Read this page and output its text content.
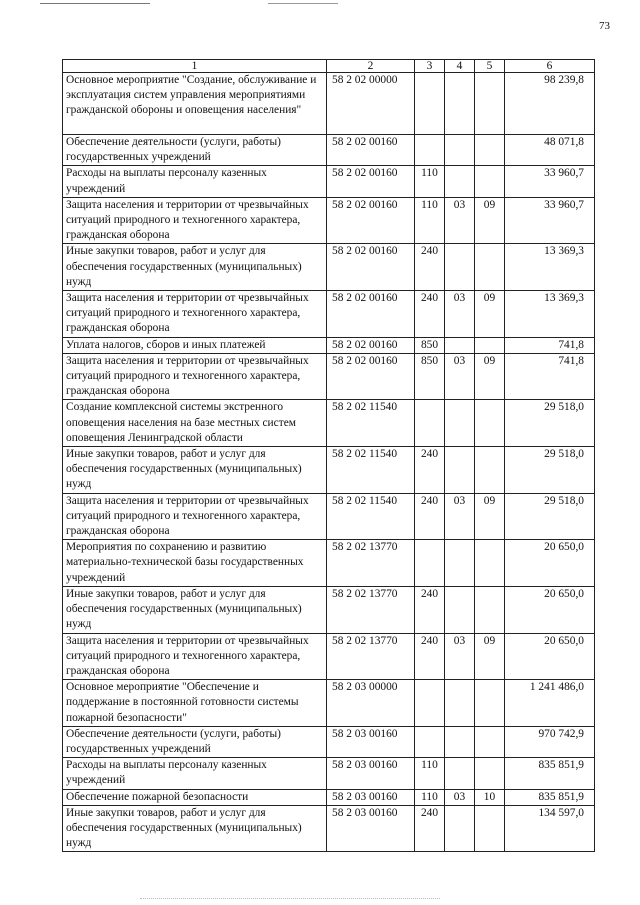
73
1	2	3	4	5	6
Основное мероприятие "Создание, обслуживание и эксплуатация систем управления мероприятиями гражданской обороны и оповещения населения"	58 2 02 00000				98 239,8
Обеспечение деятельности (услуги, работы) государственных учреждений	58 2 02 00160				48 071,8
Расходы на выплаты персоналу казенных учреждений	58 2 02 00160	110			33 960,7
Защита населения и территории от чрезвычайных ситуаций природного и техногенного характера, гражданская оборона	58 2 02 00160	110	03	09	33 960,7
Иные закупки товаров, работ и услуг для обеспечения государственных (муниципальных) нужд	58 2 02 00160	240			13 369,3
Защита населения и территории от чрезвычайных ситуаций природного и техногенного характера, гражданская оборона	58 2 02 00160	240	03	09	13 369,3
Уплата налогов, сборов и иных платежей	58 2 02 00160	850			741,8
Защита населения и территории от чрезвычайных ситуаций природного и техногенного характера, гражданская оборона	58 2 02 00160	850	03	09	741,8
Создание комплексной системы экстренного оповещения населения на базе местных систем оповещения Ленинградской области	58 2 02 11540				29 518,0
Иные закупки товаров, работ и услуг для обеспечения государственных (муниципальных) нужд	58 2 02 11540	240			29 518,0
Защита населения и территории от чрезвычайных ситуаций природного и техногенного характера, гражданская оборона	58 2 02 11540	240	03	09	29 518,0
Мероприятия по сохранению и развитию материально-технической базы государственных учреждений	58 2 02 13770				20 650,0
Иные закупки товаров, работ и услуг для обеспечения государственных (муниципальных) нужд	58 2 02 13770	240			20 650,0
Защита населения и территории от чрезвычайных ситуаций природного и техногенного характера, гражданская оборона	58 2 02 13770	240	03	09	20 650,0
Основное мероприятие "Обеспечение и поддержание в постоянной готовности системы пожарной безопасности"	58 2 03 00000				1 241 486,0
Обеспечение деятельности (услуги, работы) государственных учреждений	58 2 03 00160				970 742,9
Расходы на выплаты персоналу казенных учреждений	58 2 03 00160	110			835 851,9
Обеспечение пожарной безопасности	58 2 03 00160	110	03	10	835 851,9
Иные закупки товаров, работ и услуг для обеспечения государственных (муниципальных) нужд	58 2 03 00160	240			134 597,0
